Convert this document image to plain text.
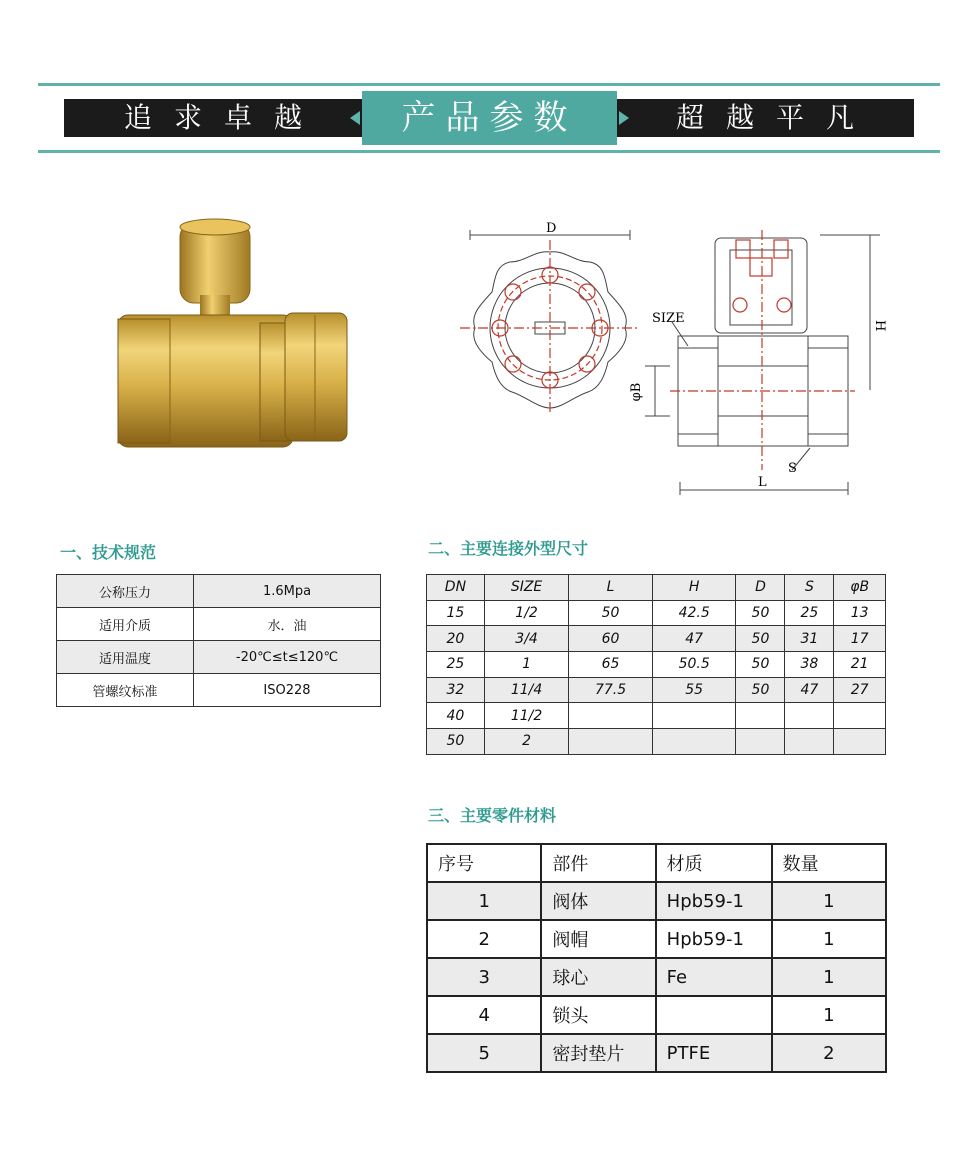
追求卓越	超越平凡
产品参数
D
SIZE	H
φB
L
S
一、技术规范
公称压力	1.6Mpa
适用介质	水．油
适用温度	-20℃≤t≤120℃
管螺纹标准	ISO228
二、主要连接外型尺寸
DN	SIZE	L	H	D	S	φB
15	1/2	50	42.5	50	25	13
20	3/4	60	47	50	31	17
25	1	65	50.5	50	38	21
32	11/4	77.5	55	50	47	27
40	11/2					
50	2					
三、主要零件材料
序号	部件	材质	数量
1	阀体	Hpb59-1	1
2	阀帽	Hpb59-1	1
3	球心	Fe	1
4	锁头		1
5	密封垫片	PTFE	2
